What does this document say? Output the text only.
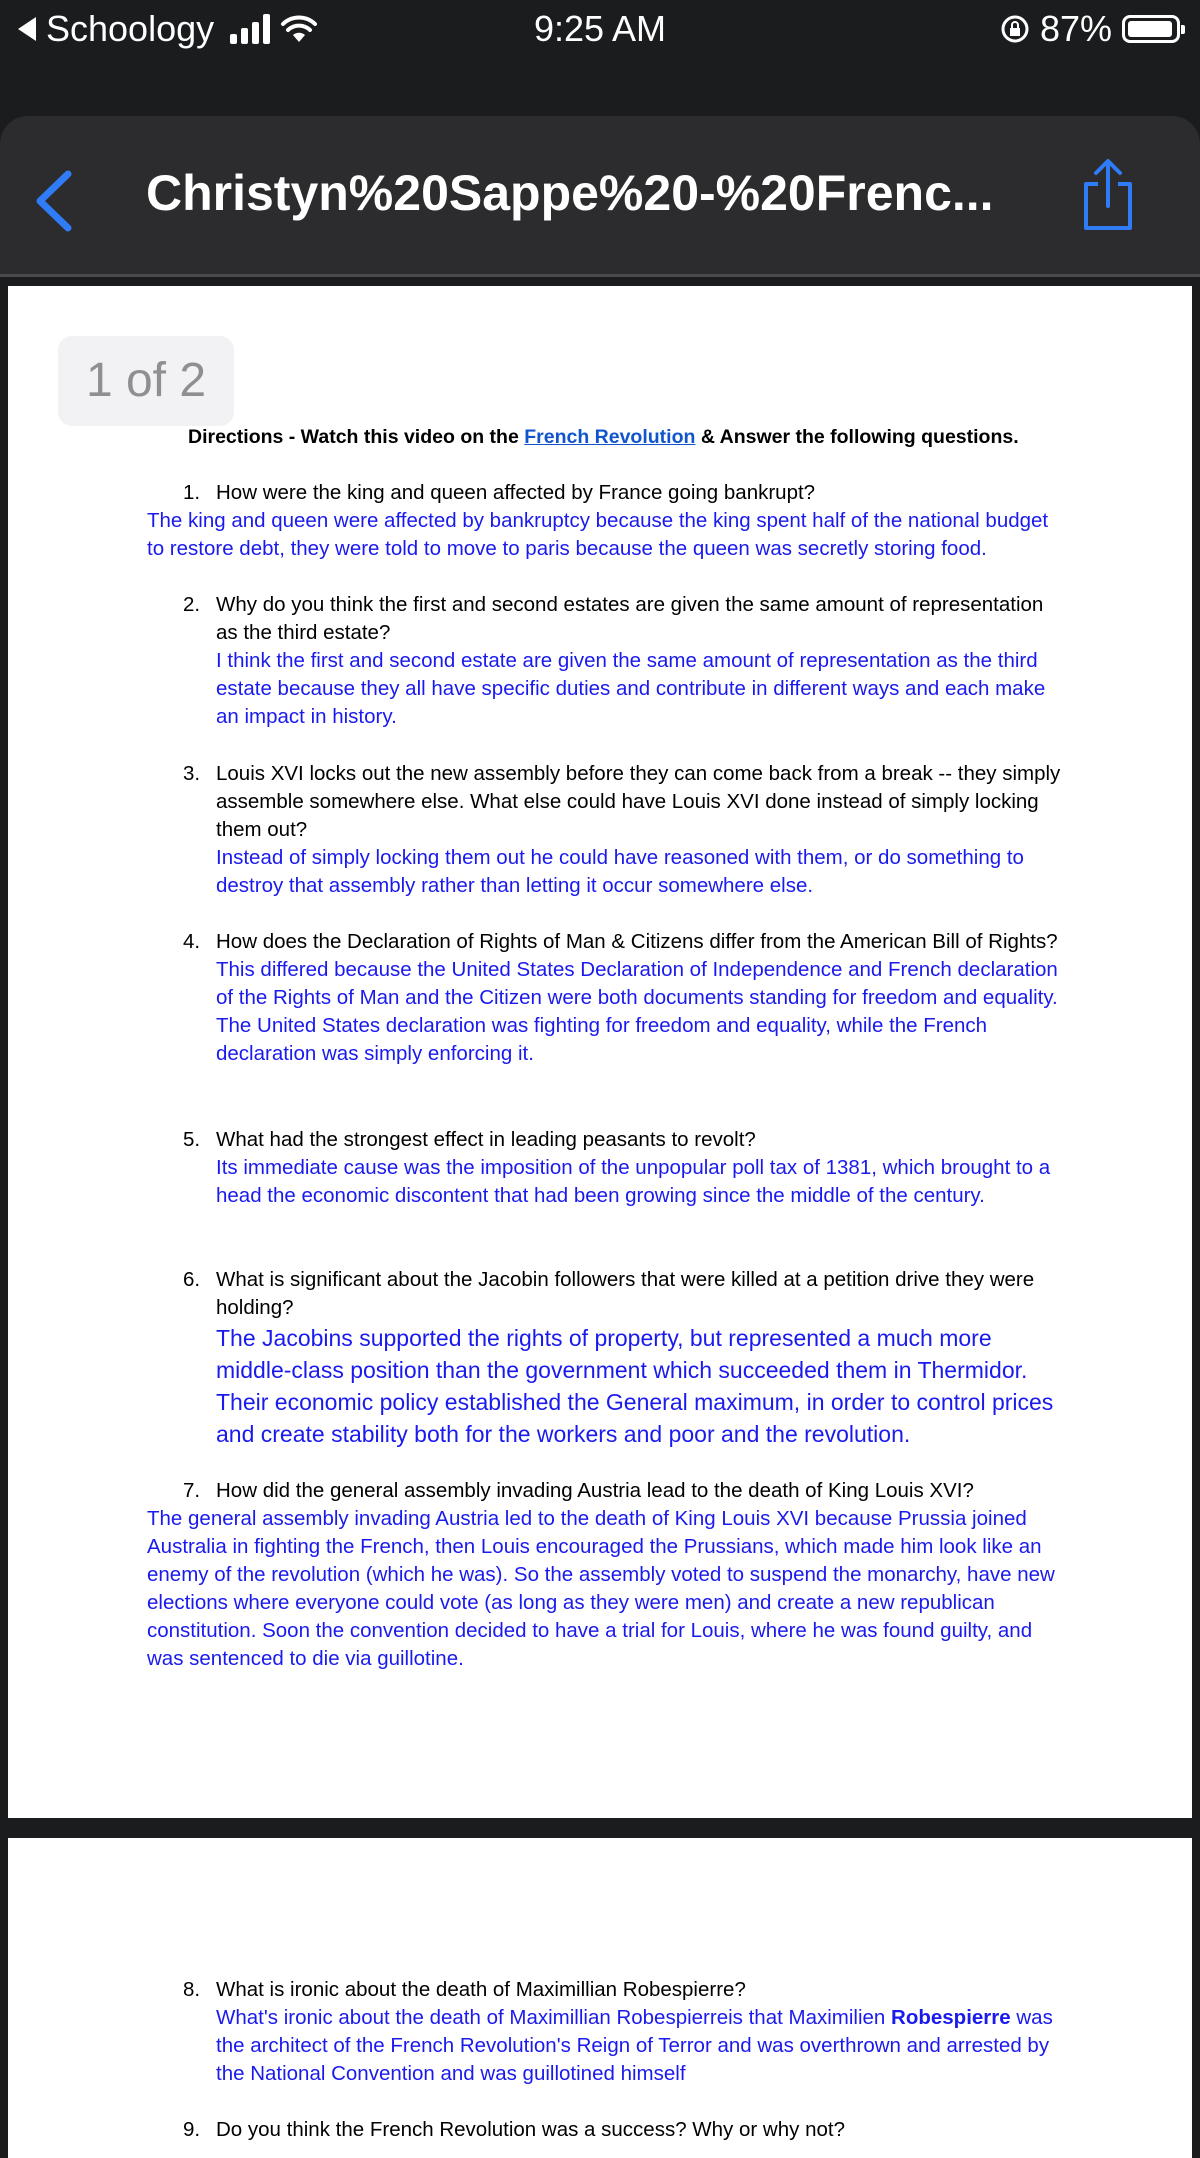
Schoology	9:25 AM	87%
Christyn%20Sappe%20-%20Frenc...
1 of 2
Directions - Watch this video on the French Revolution & Answer the following questions.
1. How were the king and queen affected by France going bankrupt?
The king and queen were affected by bankruptcy because the king spent half of the national budget to restore debt, they were told to move to paris because the queen was secretly storing food.
2. Why do you think the first and second estates are given the same amount of representation as the third estate?
I think the first and second estate are given the same amount of representation as the third estate because they all have specific duties and contribute in different ways and each make an impact in history.
3. Louis XVI locks out the new assembly before they can come back from a break -- they simply assemble somewhere else. What else could have Louis XVI done instead of simply locking them out?
Instead of simply locking them out he could have reasoned with them, or do something to destroy that assembly rather than letting it occur somewhere else.
4. How does the Declaration of Rights of Man & Citizens differ from the American Bill of Rights?
This differed because the United States Declaration of Independence and French declaration of the Rights of Man and the Citizen were both documents standing for freedom and equality. The United States declaration was fighting for freedom and equality, while the French declaration was simply enforcing it.
5. What had the strongest effect in leading peasants to revolt?
Its immediate cause was the imposition of the unpopular poll tax of 1381, which brought to a head the economic discontent that had been growing since the middle of the century.
6. What is significant about the Jacobin followers that were killed at a petition drive they were holding?
The Jacobins supported the rights of property, but represented a much more middle-class position than the government which succeeded them in Thermidor. Their economic policy established the General maximum, in order to control prices and create stability both for the workers and poor and the revolution.
7. How did the general assembly invading Austria lead to the death of King Louis XVI?
The general assembly invading Austria led to the death of King Louis XVI because Prussia joined Australia in fighting the French, then Louis encouraged the Prussians, which made him look like an enemy of the revolution (which he was). So the assembly voted to suspend the monarchy, have new elections where everyone could vote (as long as they were men) and create a new republican constitution. Soon the convention decided to have a trial for Louis, where he was found guilty, and was sentenced to die via guillotine.
8. What is ironic about the death of Maximillian Robespierre?
What's ironic about the death of Maximillian Robespierreis that Maximilien Robespierre was the architect of the French Revolution's Reign of Terror and was overthrown and arrested by the National Convention and was guillotined himself
9. Do you think the French Revolution was a success? Why or why not?
